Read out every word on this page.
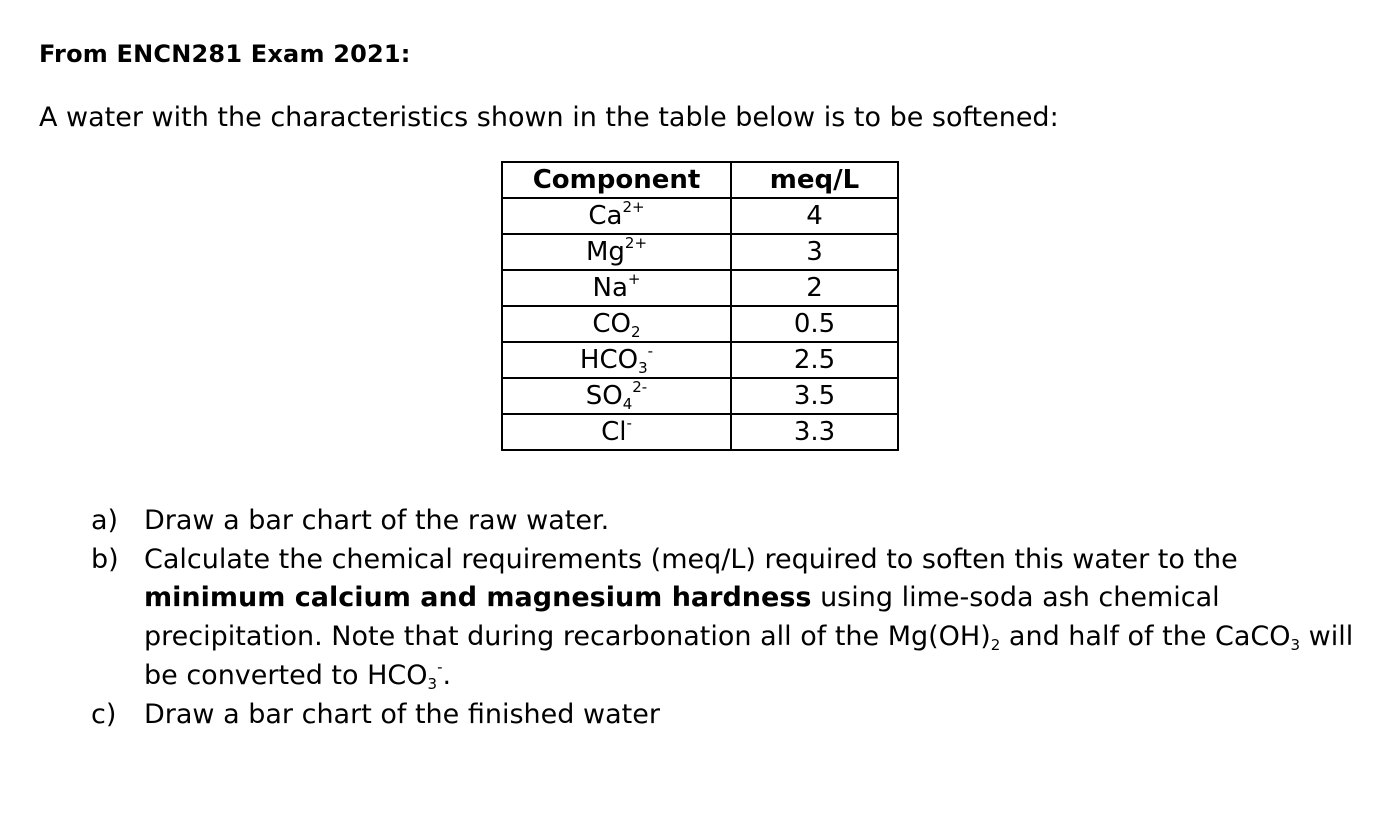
From ENCN281 Exam 2021:
A water with the characteristics shown in the table below is to be softened:
Component	meq/L
$Ca^{2+}$	4
$Mg^{2+}$	3
Na+	2
$CO_2$	0.5
$HCO_3^-$	2.5
$SO_4^{2-}$	3.5
Cl-	3.3
a) Draw a bar chart of the raw water.
b) Calculate the chemical requirements (meq/L) required to soften this water to the minimum calcium and magnesium hardness using lime-soda ash chemical precipitation. Note that during recarbonation all of the $Mg(OH)_2$ and half of the CaCO$_3$ will be converted to $HCO_3^-$.
c)	Draw a bar chart of the finished water
